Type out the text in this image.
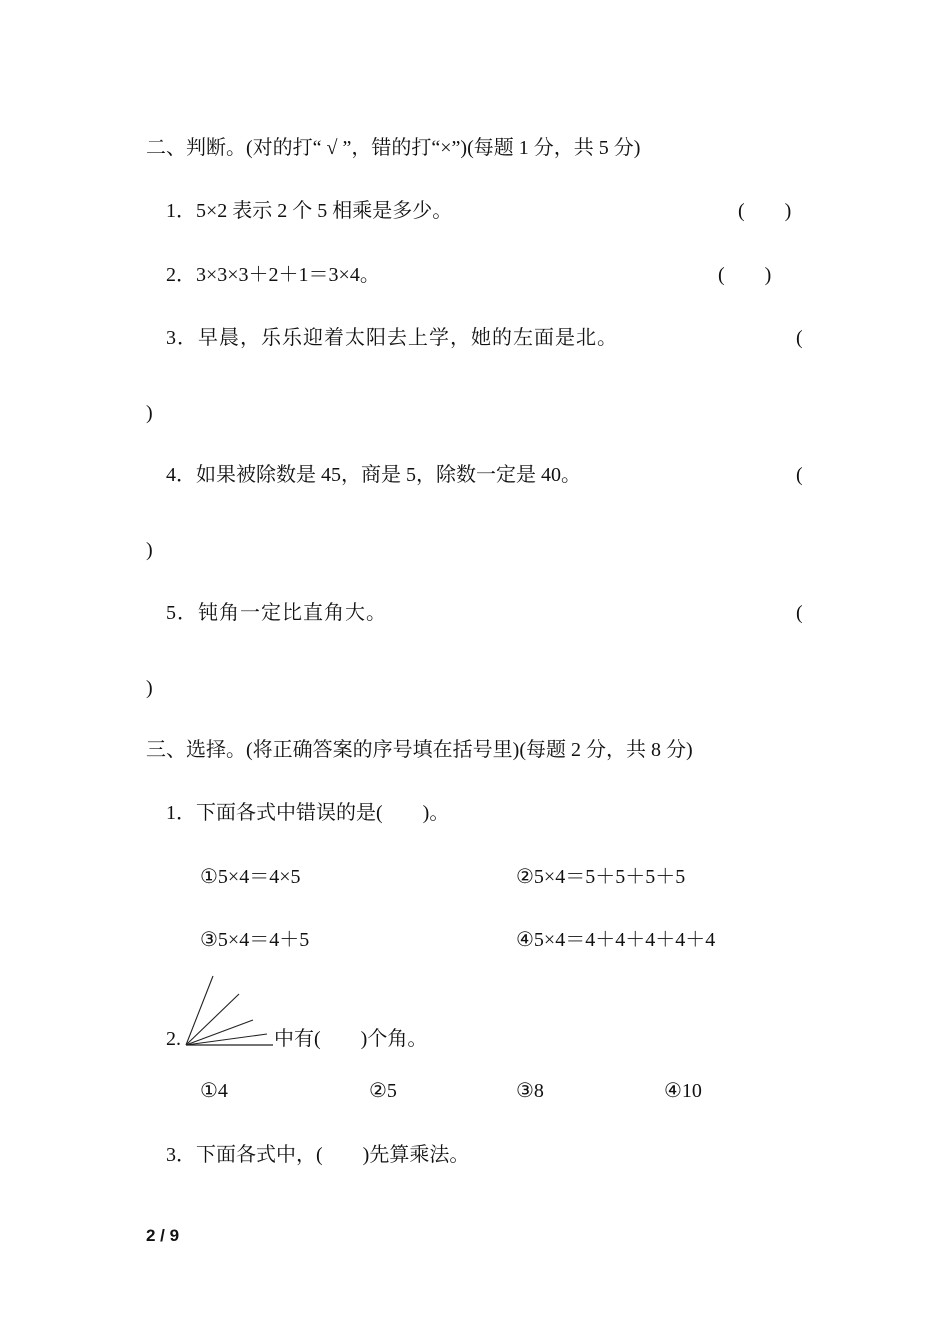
二、判断。(对的打“ √ ”，错的打“×”)(每题 1 分，共 5 分)
1．5×2 表示 2 个 5 相乘是多少。	(　　)
2．3×3×3＋2＋1＝3×4。	(　　)
3．早晨，乐乐迎着太阳去上学，她的左面是北。	(
)
4．如果被除数是 45，商是 5，除数一定是 40。	(
)
5．钝角一定比直角大。	(
)
三、选择。(将正确答案的序号填在括号里)(每题 2 分，共 8 分)
1．下面各式中错误的是(　　)。
①5×4＝4×5	②5×4＝5＋5＋5＋5
③5×4＝4＋5	④5×4＝4＋4＋4＋4＋4
2.	中有(　　)个角。
①4	②5	③8	④10
3．下面各式中，(　　)先算乘法。
2 / 9
